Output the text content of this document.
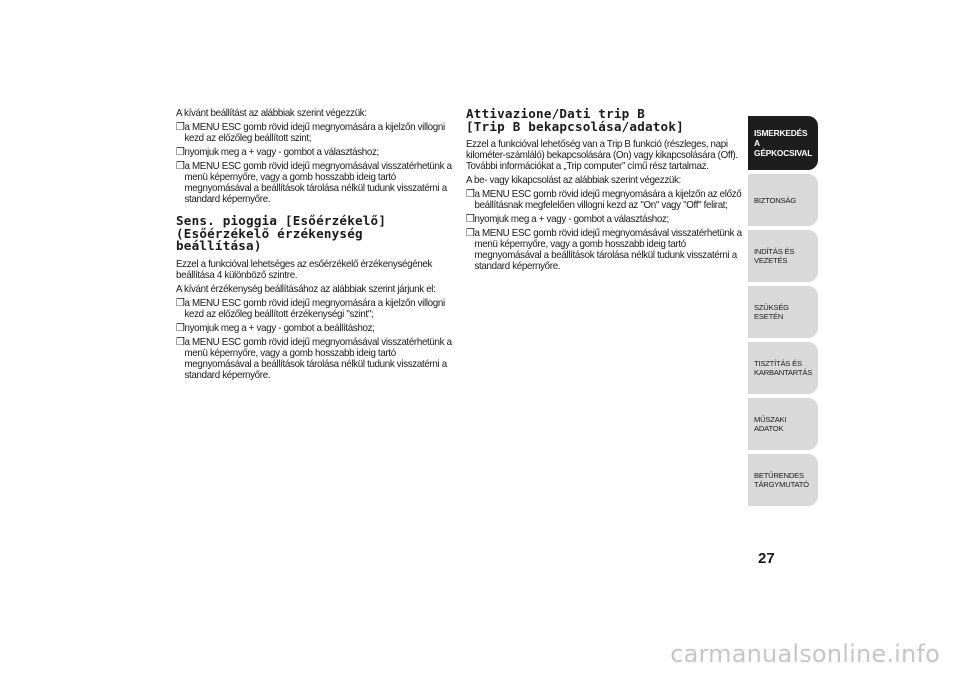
A kívánt beállítást az alábbiak szerint végezzük:

❒a MENU ESC gomb rövid idejű megnyomására a kijelzőn villogni kezd az előzőleg beállított szint;

❒nyomjuk meg a + vagy - gombot a választáshoz;

❒a MENU ESC gomb rövid idejű megnyomásával visszatérhetünk a menü képernyőre, vagy a gomb hosszabb ideig tartó megnyomásával a beállítások tárolása nélkül tudunk visszatérni a standard képernyőre.

Sens. pioggia [Esőérzékelő]
(Esőérzékelő érzékenység beállítása)

Ezzel a funkcióval lehetséges az esőérzékelő érzékenységének beállítása 4 különböző szintre.

A kívánt érzékenység beállításához az alábbiak szerint járjunk el:

❒a MENU ESC gomb rövid idejű megnyomására a kijelzőn villogni kezd az előzőleg beállított érzékenységi "szint";

❒nyomjuk meg a + vagy - gombot a beállításhoz;

❒a MENU ESC gomb rövid idejű megnyomásával visszatérhetünk a menü képernyőre, vagy a gomb hosszabb ideig tartó megnyomásával a beállítások tárolása nélkül tudunk visszatérni a standard képernyőre.

Attivazione/Dati trip B
[Trip B bekapcsolása/adatok]

Ezzel a funkcióval lehetőség van a Trip B funkció (részleges, napi kilométer-számláló) bekapcsolására (On) vagy kikapcsolására (Off). További információkat a „Trip computer” című rész tartalmaz.

A be- vagy kikapcsolást az alábbiak szerint végezzük:

❒a MENU ESC gomb rövid idejű megnyomására a kijelzőn az előző beállításnak megfelelően villogni kezd az "On" vagy "Off" felirat;

❒nyomjuk meg a + vagy - gombot a választáshoz;

❒a MENU ESC gomb rövid idejű megnyomásával visszatérhetünk a menü képernyőre, vagy a gomb hosszabb ideig tartó megnyomásával a beállítások tárolása nélkül tudunk visszatérni a standard képernyőre.

ISMERKEDÉS A
GÉPKOCSIVAL
BIZTONSÁG
INDÍTÁS ÉS VEZETÉS
SZÜKSÉG ESETÉN
TISZTÍTÁS ÉS
KARBANTARTÁS
MŰSZAKI ADATOK
BETŰRENDES
TÁRGYMUTATÓ
27
carmanualsonline.info
